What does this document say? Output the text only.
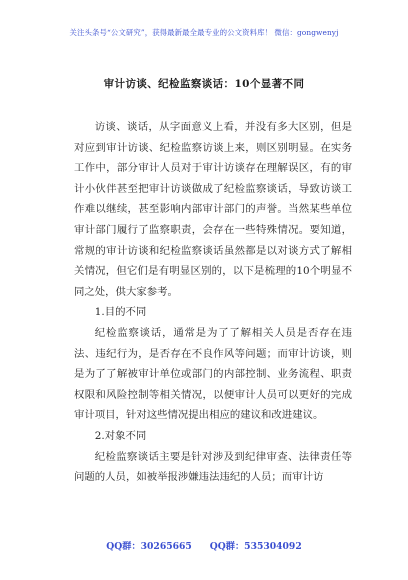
关注头条号“公文研究”，获得最新最全最专业的公文资料库！ 微信：gongwenyj
审计访谈、纪检监察谈话：10个显著不同

访谈、谈话，从字面意义上看，并没有多大区别，但是对应到审计访谈、纪检监察访谈上来，则区别明显。在实务工作中，部分审计人员对于审计访谈存在理解误区，有的审计小伙伴甚至把审计访谈做成了纪检监察谈话，导致访谈工作难以继续，甚至影响内部审计部门的声誉。当然某些单位审计部门履行了监察职责，会存在一些特殊情况。要知道，常规的审计访谈和纪检监察谈话虽然都是以对谈方式了解相关情况，但它们是有明显区别的，以下是梳理的10个明显不同之处，供大家参考。

1.目的不同

纪检监察谈话，通常是为了了解相关人员是否存在违法、违纪行为，是否存在不良作风等问题；而审计访谈，则是为了了解被审计单位或部门的内部控制、业务流程、职责权限和风险控制等相关情况，以便审计人员可以更好的完成审计项目，针对这些情况提出相应的建议和改进建议。

2.对象不同

纪检监察谈话主要是针对涉及到纪律审查、法律责任等问题的人员，如被举报涉嫌违法违纪的人员；而审计访

QQ群：30265665 QQ群：535304092
